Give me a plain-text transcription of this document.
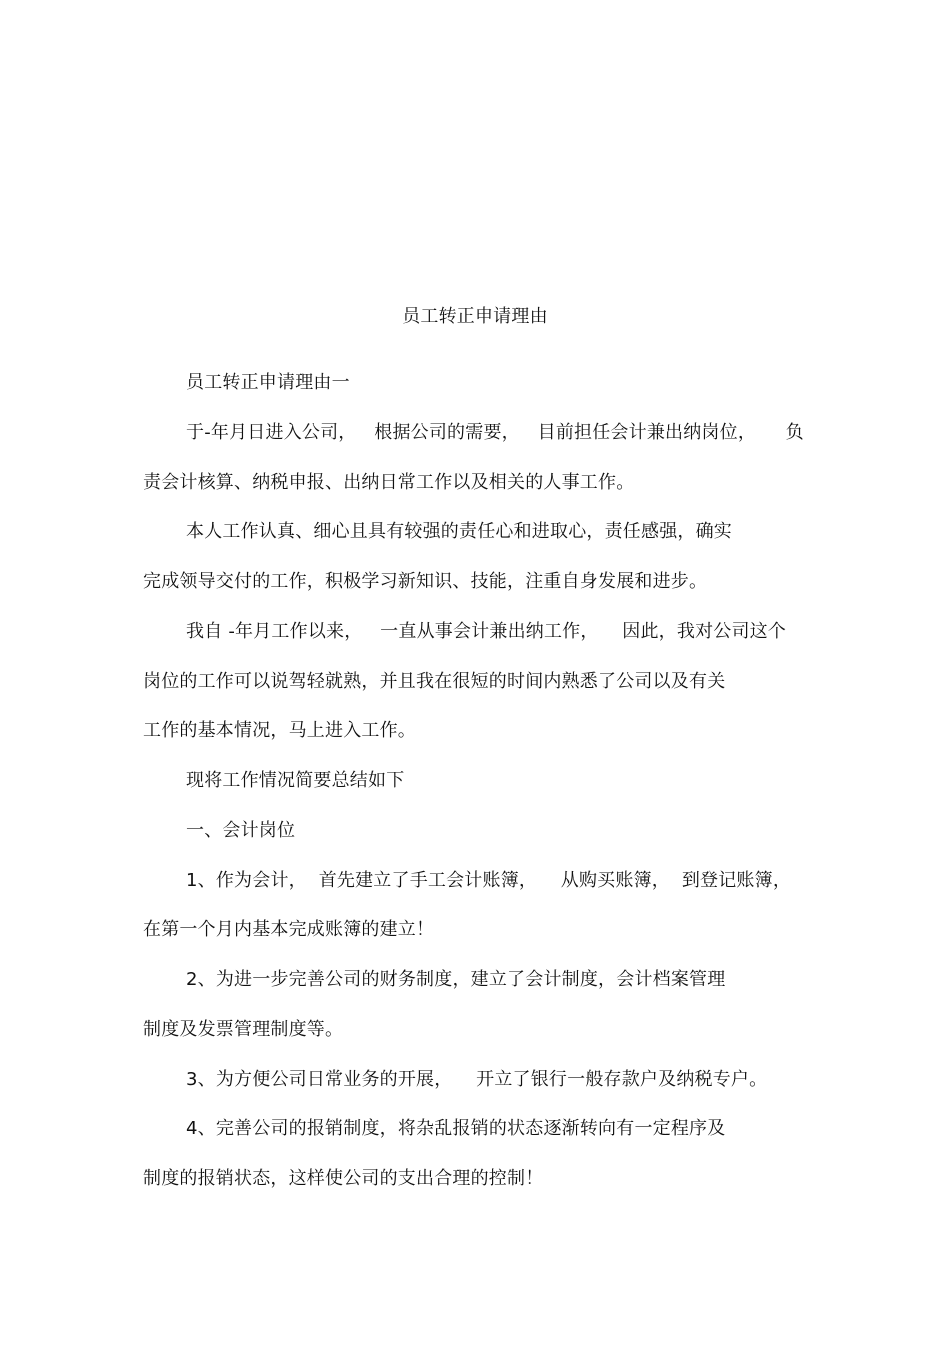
员工转正申请理由
员工转正申请理由一
于-年月日进入公司，   根据公司的需要，   目前担任会计兼出纳岗位，     负
责会计核算、纳税申报、出纳日常工作以及相关的人事工作。
本人工作认真、细心且具有较强的责任心和进取心，责任感强，确实
完成领导交付的工作，积极学习新知识、技能，注重自身发展和进步。
我自 -年月工作以来，   一直从事会计兼出纳工作，    因此，我对公司这个
岗位的工作可以说驾轻就熟，并且我在很短的时间内熟悉了公司以及有关
工作的基本情况，马上进入工作。
现将工作情况简要总结如下
一、会计岗位
1、作为会计，  首先建立了手工会计账簿，    从购买账簿，  到登记账簿，
在第一个月内基本完成账簿的建立！
2、为进一步完善公司的财务制度，建立了会计制度，会计档案管理
制度及发票管理制度等。
3、为方便公司日常业务的开展，    开立了银行一般存款户及纳税专户。
4、完善公司的报销制度，将杂乱报销的状态逐渐转向有一定程序及
制度的报销状态，这样使公司的支出合理的控制！
